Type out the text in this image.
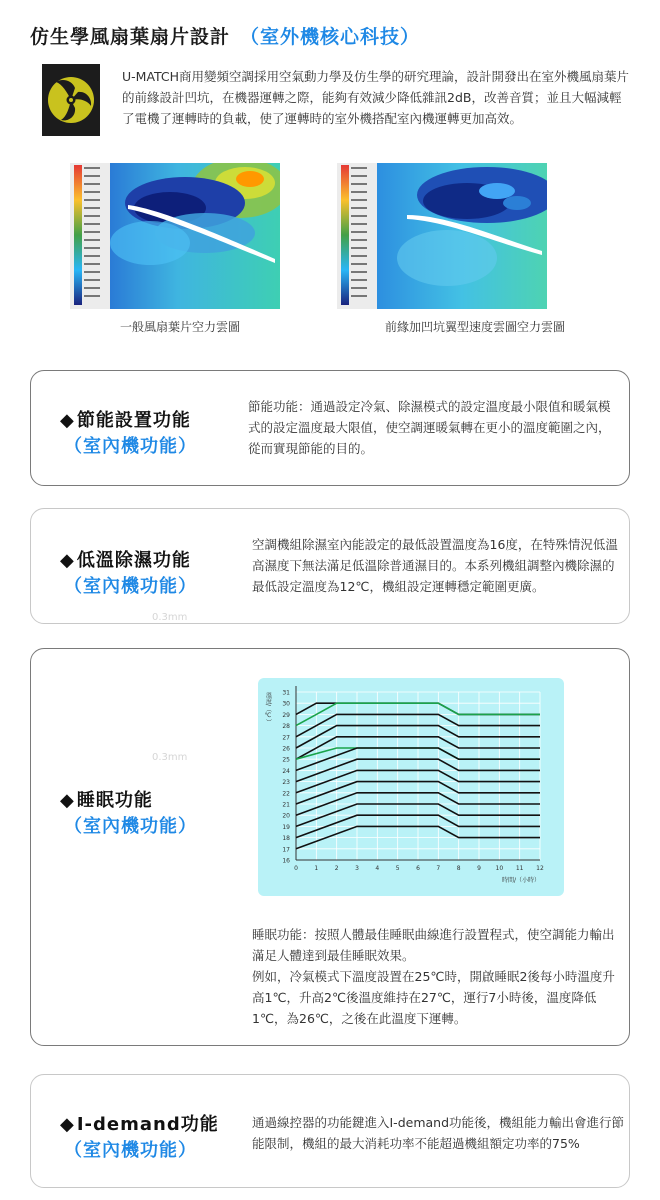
仿生學風扇葉扇片設計 （室外機核心科技）
U-MATCH商用變頻空調採用空氣動力學及仿生學的研究理論，設計開發出在室外機風扇葉片的前緣設計凹坑，在機器運轉之際，能夠有效減少降低雜訊2dB，改善音質；並且大幅減輕了電機了運轉時的負載，使了運轉時的室外機搭配室內機運轉更加高效。
一般風扇葉片空力雲圖	前緣加凹坑翼型速度雲圖空力雲圖
◆ 節能設置功能
（室內機功能）
節能功能：通過設定冷氣、除濕模式的設定溫度最小限值和暖氣模式的設定溫度最大限值，使空調運暖氣轉在更小的溫度範圍之內，從而實現節能的目的。
◆ 低溫除濕功能
（室內機功能）
空調機組除濕室內能設定的最低設置溫度為16度，在特殊情況低溫高濕度下無法滿足低溫除普通濕目的。本系列機組調整內機除濕的最低設定溫度為12℃，機組設定運轉穩定範圍更廣。
0.3mm
0.3mm
◆ 睡眠功能
（室內機功能）
16
17
18
19
20
21
22
23
24
25
26
27
28
29
30
31
0	1	2	3	4	5	6	7	8	9 10 11 12
溫度/（℃）
時間/（小時）
睡眠功能：按照人體最佳睡眠曲線進行設置程式，使空調能力輸出滿足人體達到最佳睡眠效果。
例如，冷氣模式下溫度設置在25℃時，開啟睡眠2後每小時溫度升高1℃，升高2℃後溫度維持在27℃，運行7小時後，溫度降低1℃，為26℃，之後在此溫度下運轉。
◆ I-demand功能
（室內機功能）
通過線控器的功能鍵進入I-demand功能後，機組能力輸出會進行節能限制，機組的最大消耗功率不能超過機組額定功率的75%
